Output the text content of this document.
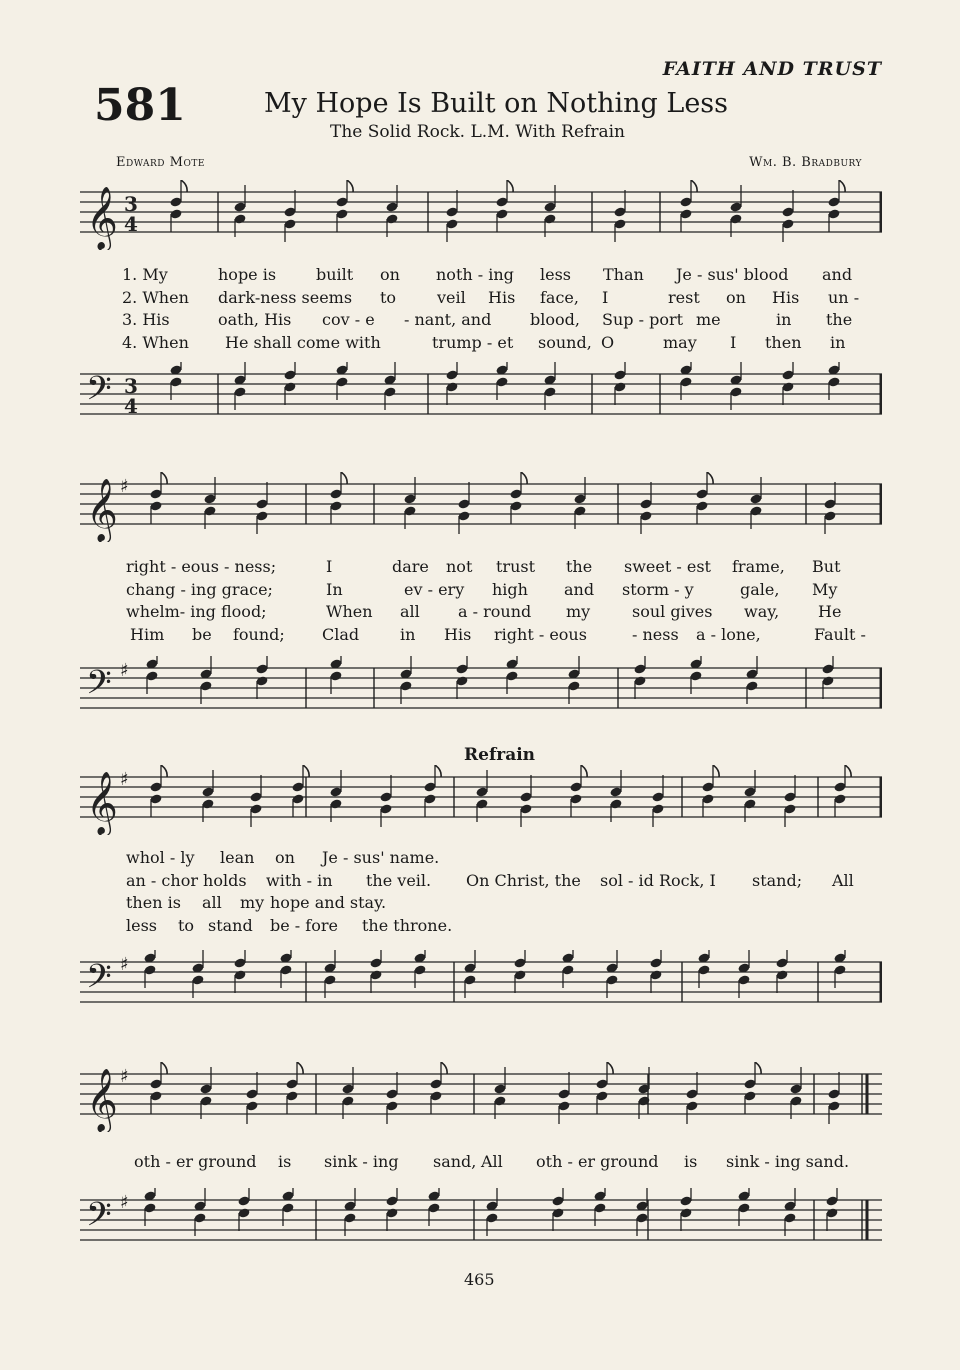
FAITH AND TRUST
581	My Hope Is Built on Nothing Less
The Solid Rock. L.M. With Refrain
Edward Mote	Wm. B. Bradbury
𝄞 3
4
1. My	hope is built on noth - ing less Than Je - sus' blood and
2. When dark-ness seems to	veil His face, I	rest on His un -
3. His	oath, His cov - e - nant, and blood, Sup - port me	in the
4. When He shall come with	trump - et sound, O	may I then in
𝄢 3
4
𝄞 ♯
right - eous - ness;	I	dare not trust the sweet - est frame, But
chang - ing grace;	In	ev - ery high and storm - y	gale, My
whelm- ing flood;	When all a - round my	soul gives way, He
Him be found; Clad	in His right - eous	- ness a - lone,	Fault -
𝄢 ♯
Refrain
𝄞 ♯
whol - ly lean on Je - sus' name.
an - chor holds with - in the veil. On Christ, the sol - id Rock, I stand; All
then is all my hope and stay.
less to stand be - fore the throne.
𝄢 ♯
𝄞 ♯
oth - er ground is sink - ing sand, All oth - er ground is sink - ing sand.
𝄢 ♯
465
